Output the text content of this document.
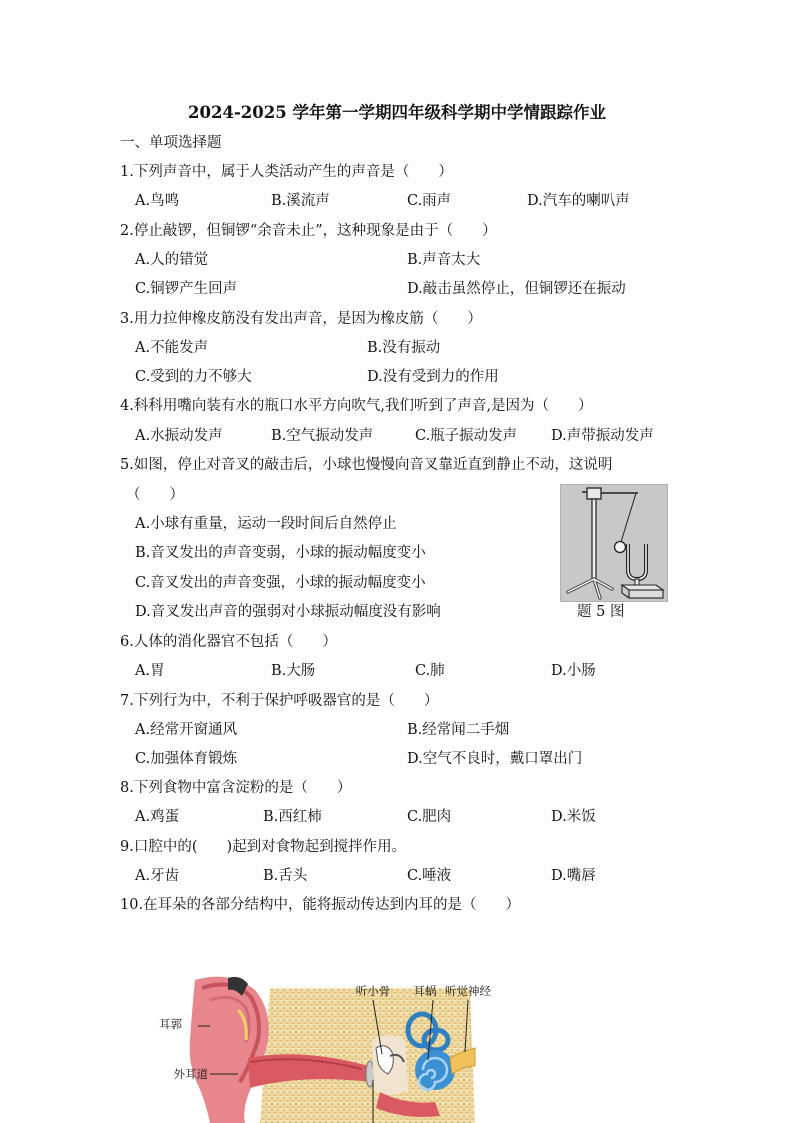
2024-2025 学年第一学期四年级科学期中学情跟踪作业
一、单项选择题
1.下列声音中，属于人类活动产生的声音是（　　）
A.鸟鸣	B.溪流声	C.雨声	D.汽车的喇叭声
2.停止敲锣，但铜锣“余音未止”，这种现象是由于（　　）
A.人的错觉	B.声音太大
C.铜锣产生回声	D.敲击虽然停止，但铜锣还在振动
3.用力拉伸橡皮筋没有发出声音，是因为橡皮筋（　　）
A.不能发声	B.没有振动
C.受到的力不够大	D.没有受到力的作用
4.科科用嘴向装有水的瓶口水平方向吹气,我们听到了声音,是因为（　　）
A.水振动发声	B.空气振动发声	C.瓶子振动发声 D.声带振动发声
5.如图，停止对音叉的敲击后，小球也慢慢向音叉靠近直到静止不动，这说明
（　　）
A.小球有重量，运动一段时间后自然停止
B.音叉发出的声音变弱，小球的振动幅度变小
C.音叉发出的声音变强，小球的振动幅度变小
D.音叉发出声音的强弱对小球振动幅度没有影响	题 5 图
6.人体的消化器官不包括（　　）
A.胃	B.大肠	C.肺	D.小肠
7.下列行为中，不利于保护呼吸器官的是（　　）
A.经常开窗通风	B.经常闻二手烟
C.加强体育锻炼	D.空气不良时，戴口罩出门
8.下列食物中富含淀粉的是（　　）
A.鸡蛋	B.西红柿	C.肥肉	D.米饭
9.口腔中的(　　)起到对食物起到搅拌作用。
A.牙齿	B.舌头	C.唾液	D.嘴唇
10.在耳朵的各部分结构中，能将振动传达到内耳的是（　　）
耳郭
外耳道
听小骨 耳蜗 听觉神经
